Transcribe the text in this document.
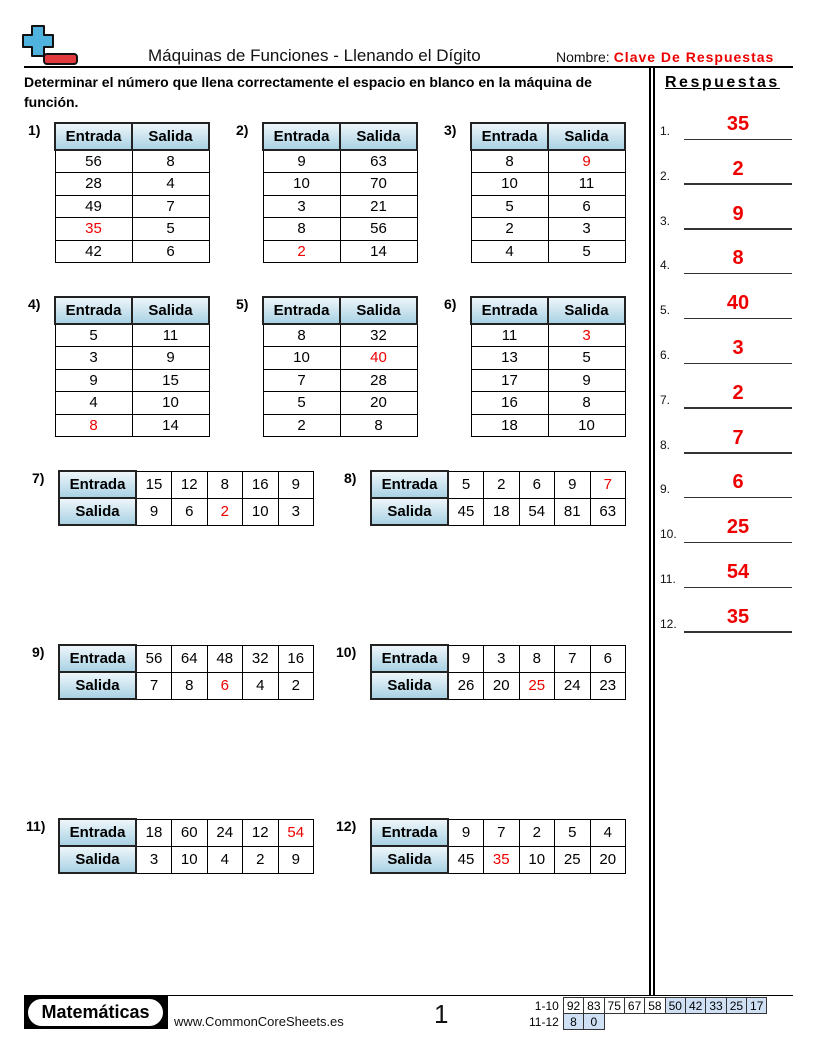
Máquinas de Funciones - Llenando el Dígito	Nombre: Clave De Respuestas
Determinar el número que llena correctamente el espacio en blanco en la máquina de función.
1) Entrada	Salida
56	8
28	4
49	7
35	5
42	6
2) Entrada	Salida
9	63
10	70
3	21
8	56
2	14
3) Entrada	Salida
8	9
10	11
5	6
2	3
4	5
4) Entrada	Salida
5	11
3	9
9	15
4	10
8	14
5) Entrada	Salida
8	32
10	40
7	28
5	20
2	8
6) Entrada	Salida
11	3
13	5
17	9
16	8
18	10
7) Entrada	15	12	8	16	9
Salida	9	6	2	10	3
8) Entrada	5	2	6	9	7
Salida	45	18	54	81	63
9) Entrada	56	64	48	32	16
Salida	7	8	6	4	2
10) Entrada	9	3	8	7	6
Salida	26	20	25	24	23
11) Entrada	18	60	24	12	54
Salida	3	10	4	2	9
12) Entrada	9	7	2	5	4
Salida	45	35	10	25	20
Respuestas
1.	35
2.	2
3.	9
4.	8
5.	40
6.	3
7.	2
8.	7
9.	6
10.	25
11.	54
12.	35
Matemáticas	www.CommonCoreSheets.es	1	1-10	92	83	75	67	58	50	42	33	25	17
11-12	8	0								
